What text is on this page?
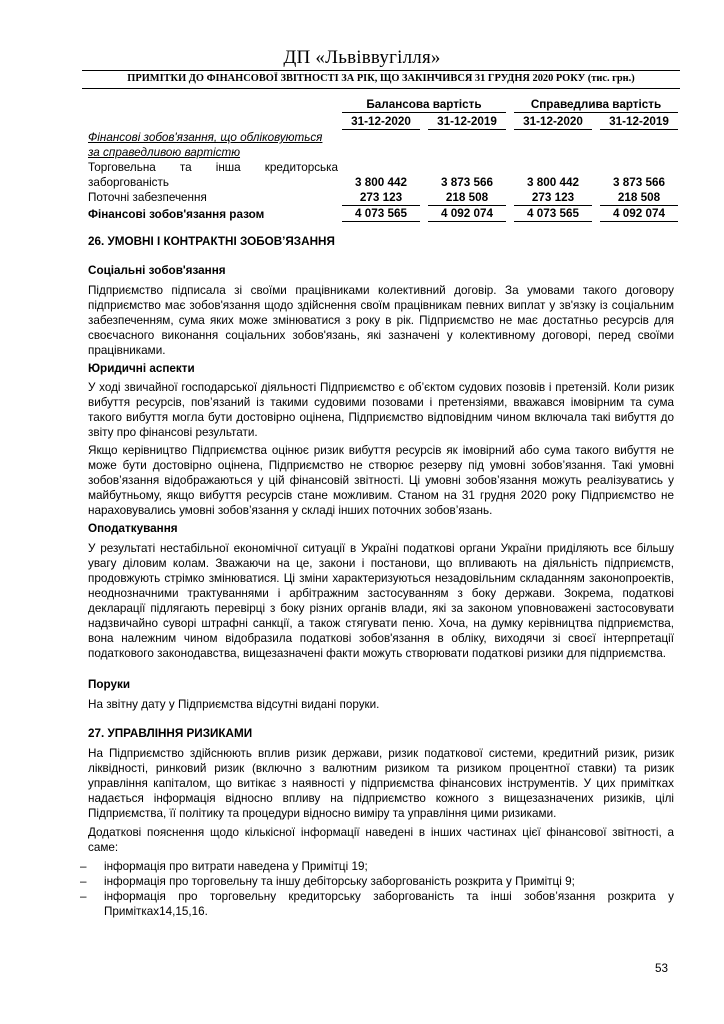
ДП «Львіввугілля»
ПРИМІТКИ ДО ФІНАНСОВОЇ ЗВІТНОСТІ ЗА РІК, ЩО ЗАКІНЧИВСЯ 31 ГРУДНЯ 2020 РОКУ (тис. грн.)

	Балансова вартість		Справедлива вартість	

	31-12-2020	31-12-2019	31-12-2020	31-12-2019

Фінансові зобов'язання, що обліковуються
за справедливою вартістю				

Торговельна та інша кредиторська
заборгованість	3 800 442	3 873 566	3 800 442	3 873 566

Поточні забезпечення	273 123	218 508	273 123	218 508

Фінансові зобов'язання разом	4 073 565	4 092 074	4 073 565	4 092 074
26. УМОВНІ І КОНТРАКТНІ ЗОБОВ’ЯЗАННЯ
Соціальні зобов'язання
Підприємство підписала зі своїми працівниками колективний договір. За умовами такого договору підприємство має зобов'язання щодо здійснення своїм працівникам певних виплат у зв'язку із соціальним забезпеченням, сума яких може змінюватися з року в рік. Підприємство не має достатньо ресурсів для своєчасного виконання соціальних зобов'язань, які зазначені у колективному договорі, перед своїми працівниками.
Юридичні аспекти
У ході звичайної господарської діяльності Підприємство є об’єктом судових позовів і претензій. Коли ризик вибуття ресурсів, пов’язаний із такими судовими позовами і претензіями, вважався імовірним та сума такого вибуття могла бути достовірно оцінена, Підприємство відповідним чином включала такі вибуття до звіту про фінансові результати.
Якщо керівництво Підприємства оцінює ризик вибуття ресурсів як імовірний або сума такого вибуття не може бути достовірно оцінена, Підприємство не створює резерву під умовні зобов’язання. Такі умовні зобов’язання відображаються у цій фінансовій звітності. Ці умовні зобов’язання можуть реалізуватись у майбутньому, якщо вибуття ресурсів стане можливим. Станом на 31 грудня 2020 року Підприємство не нараховувались умовні зобов’язання у складі інших поточних зобов’язань.
Оподаткування
У результаті нестабільної економічної ситуації в Україні податкові органи України приділяють все більшу увагу діловим колам. Зважаючи на це, закони і постанови, що впливають на діяльність підприємств, продовжують стрімко змінюватися. Ці зміни характеризуються незадовільним складанням законопроектів, неоднозначними трактуваннями і арбітражним застосуванням з боку держави. Зокрема, податкові декларації підлягають перевірці з боку різних органів влади, які за законом уповноважені застосовувати надзвичайно суворі штрафні санкції, а також стягувати пеню. Хоча, на думку керівництва підприємства, вона належним чином відобразила податкові зобов'язання в обліку, виходячи зі своєї інтерпретації податкового законодавства, вищезазначені факти можуть створювати податкові ризики для підприємства.
Поруки
На звітну дату у Підприємства відсутні видані поруки.
27. УПРАВЛІННЯ РИЗИКАМИ
На Підприємство здійснюють вплив ризик держави, ризик податкової системи, кредитний ризик, ризик ліквідності, ринковий ризик (включно з валютним ризиком та ризиком процентної ставки) та ризик управління капіталом, що витікає з наявності у підприємства фінансових інструментів. У цих примітках надається інформація відносно впливу на підприємство кожного з вищезазначених ризиків, цілі Підприємства, її політику та процедури відносно виміру та управління цими ризиками.
Додаткові пояснення щодо кількісної інформації наведені в інших частинах цієї фінансової звітності, а саме:
– інформація про витрати наведена у Примітці 19;
– інформація про торговельну та іншу дебіторську заборгованість розкрита у Примітці 9;
– інформація про торговельну кредиторську заборгованість та інші зобов’язання розкрита у Примітках14,15,16.
53
